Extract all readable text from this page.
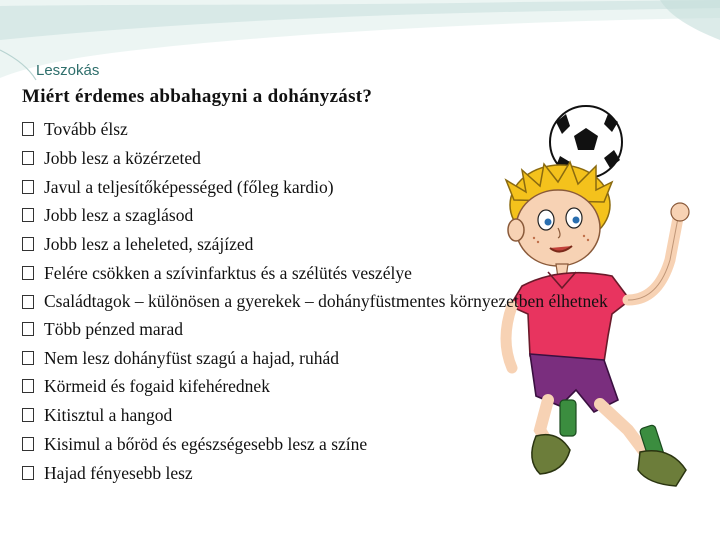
Leszokás
Miért érdemes abbahagyni a dohányzást?
Tovább élsz
Jobb lesz a közérzeted
Javul a teljesítőképességed (főleg kardio)
Jobb lesz a szaglásod
Jobb lesz a leheleted, szájízed
Felére csökken a szívinfarktus és a szélütés veszélye
Családtagok – különösen a gyerekek – dohányfüstmentes környezetben élhetnek
Több pénzed marad
Nem lesz dohányfüst szagú a hajad, ruhád
Körmeid és fogaid kifehérednek
Kitisztul a hangod
Kisimul a bőröd és egészségesebb lesz a színe
Hajad fényesebb lesz
